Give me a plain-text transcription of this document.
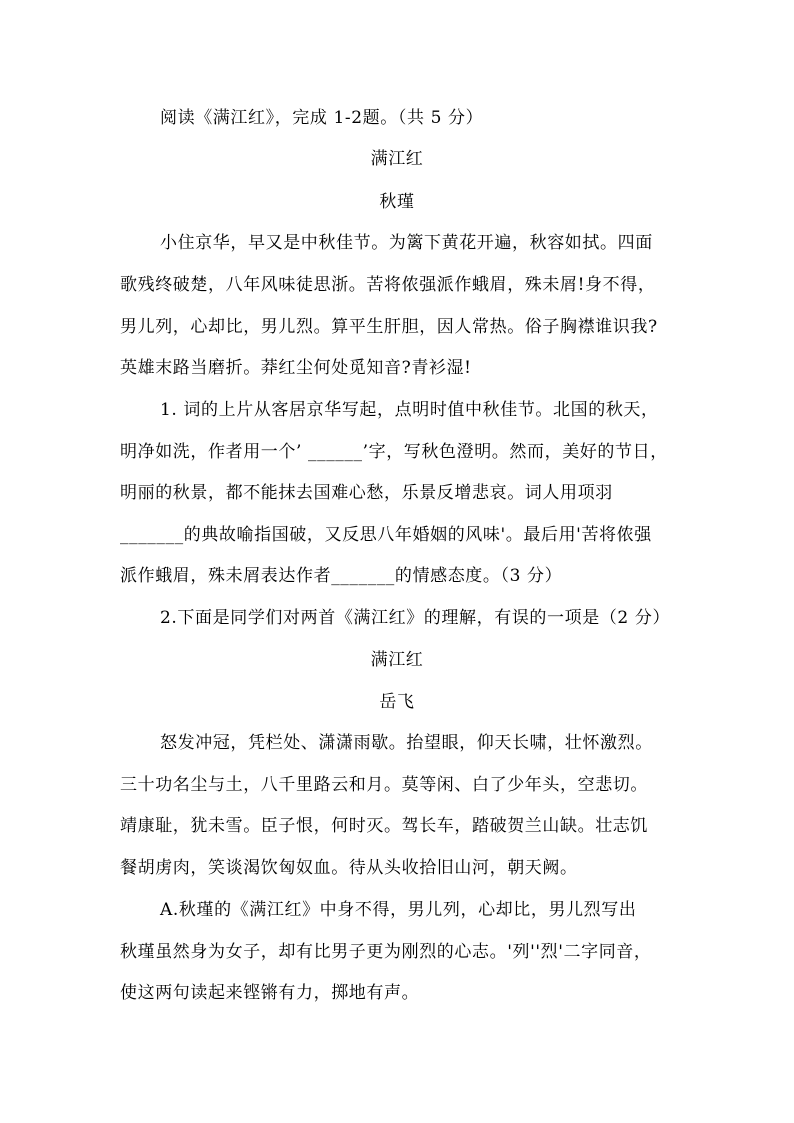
阅读《满江红》，完成 1-2题。（共 5 分）
满江红
秋瑾
小住京华，早又是中秋佳节。为篱下黄花开遍，秋容如拭。四面
歌残终破楚，八年风味徒思浙。苦将侬强派作蛾眉，殊未屑!身不得，
男儿列，心却比，男儿烈。算平生肝胆，因人常热。俗子胸襟谁识我?
英雄末路当磨折。莽红尘何处觅知音?青衫湿!
1. 词的上片从客居京华写起，点明时值中秋佳节。北国的秋天，
明净如洗，作者用一个’ ______’字，写秋色澄明。然而，美好的节日，
明丽的秋景，都不能抹去国难心愁，乐景反增悲哀。词人用项羽
_______的典故喻指国破，又反思八年婚姻的风味'。最后用'苦将侬强
派作蛾眉，殊未屑表达作者_______的情感态度。（3 分）
2.下面是同学们对两首《满江红》的理解，有误的一项是（2 分）
满江红
岳飞
怒发冲冠，凭栏处、潇潇雨歇。抬望眼，仰天长啸，壮怀激烈。
三十功名尘与土，八千里路云和月。莫等闲、白了少年头，空悲切。
靖康耻，犹未雪。臣子恨，何时灭。驾长车，踏破贺兰山缺。壮志饥
餐胡虏肉，笑谈渴饮匈奴血。待从头收拾旧山河，朝天阙。
A.秋瑾的《满江红》中身不得，男儿列，心却比，男儿烈写出
秋瑾虽然身为女子，却有比男子更为刚烈的心志。'列''烈'二字同音，
使这两句读起来铿锵有力，掷地有声。
